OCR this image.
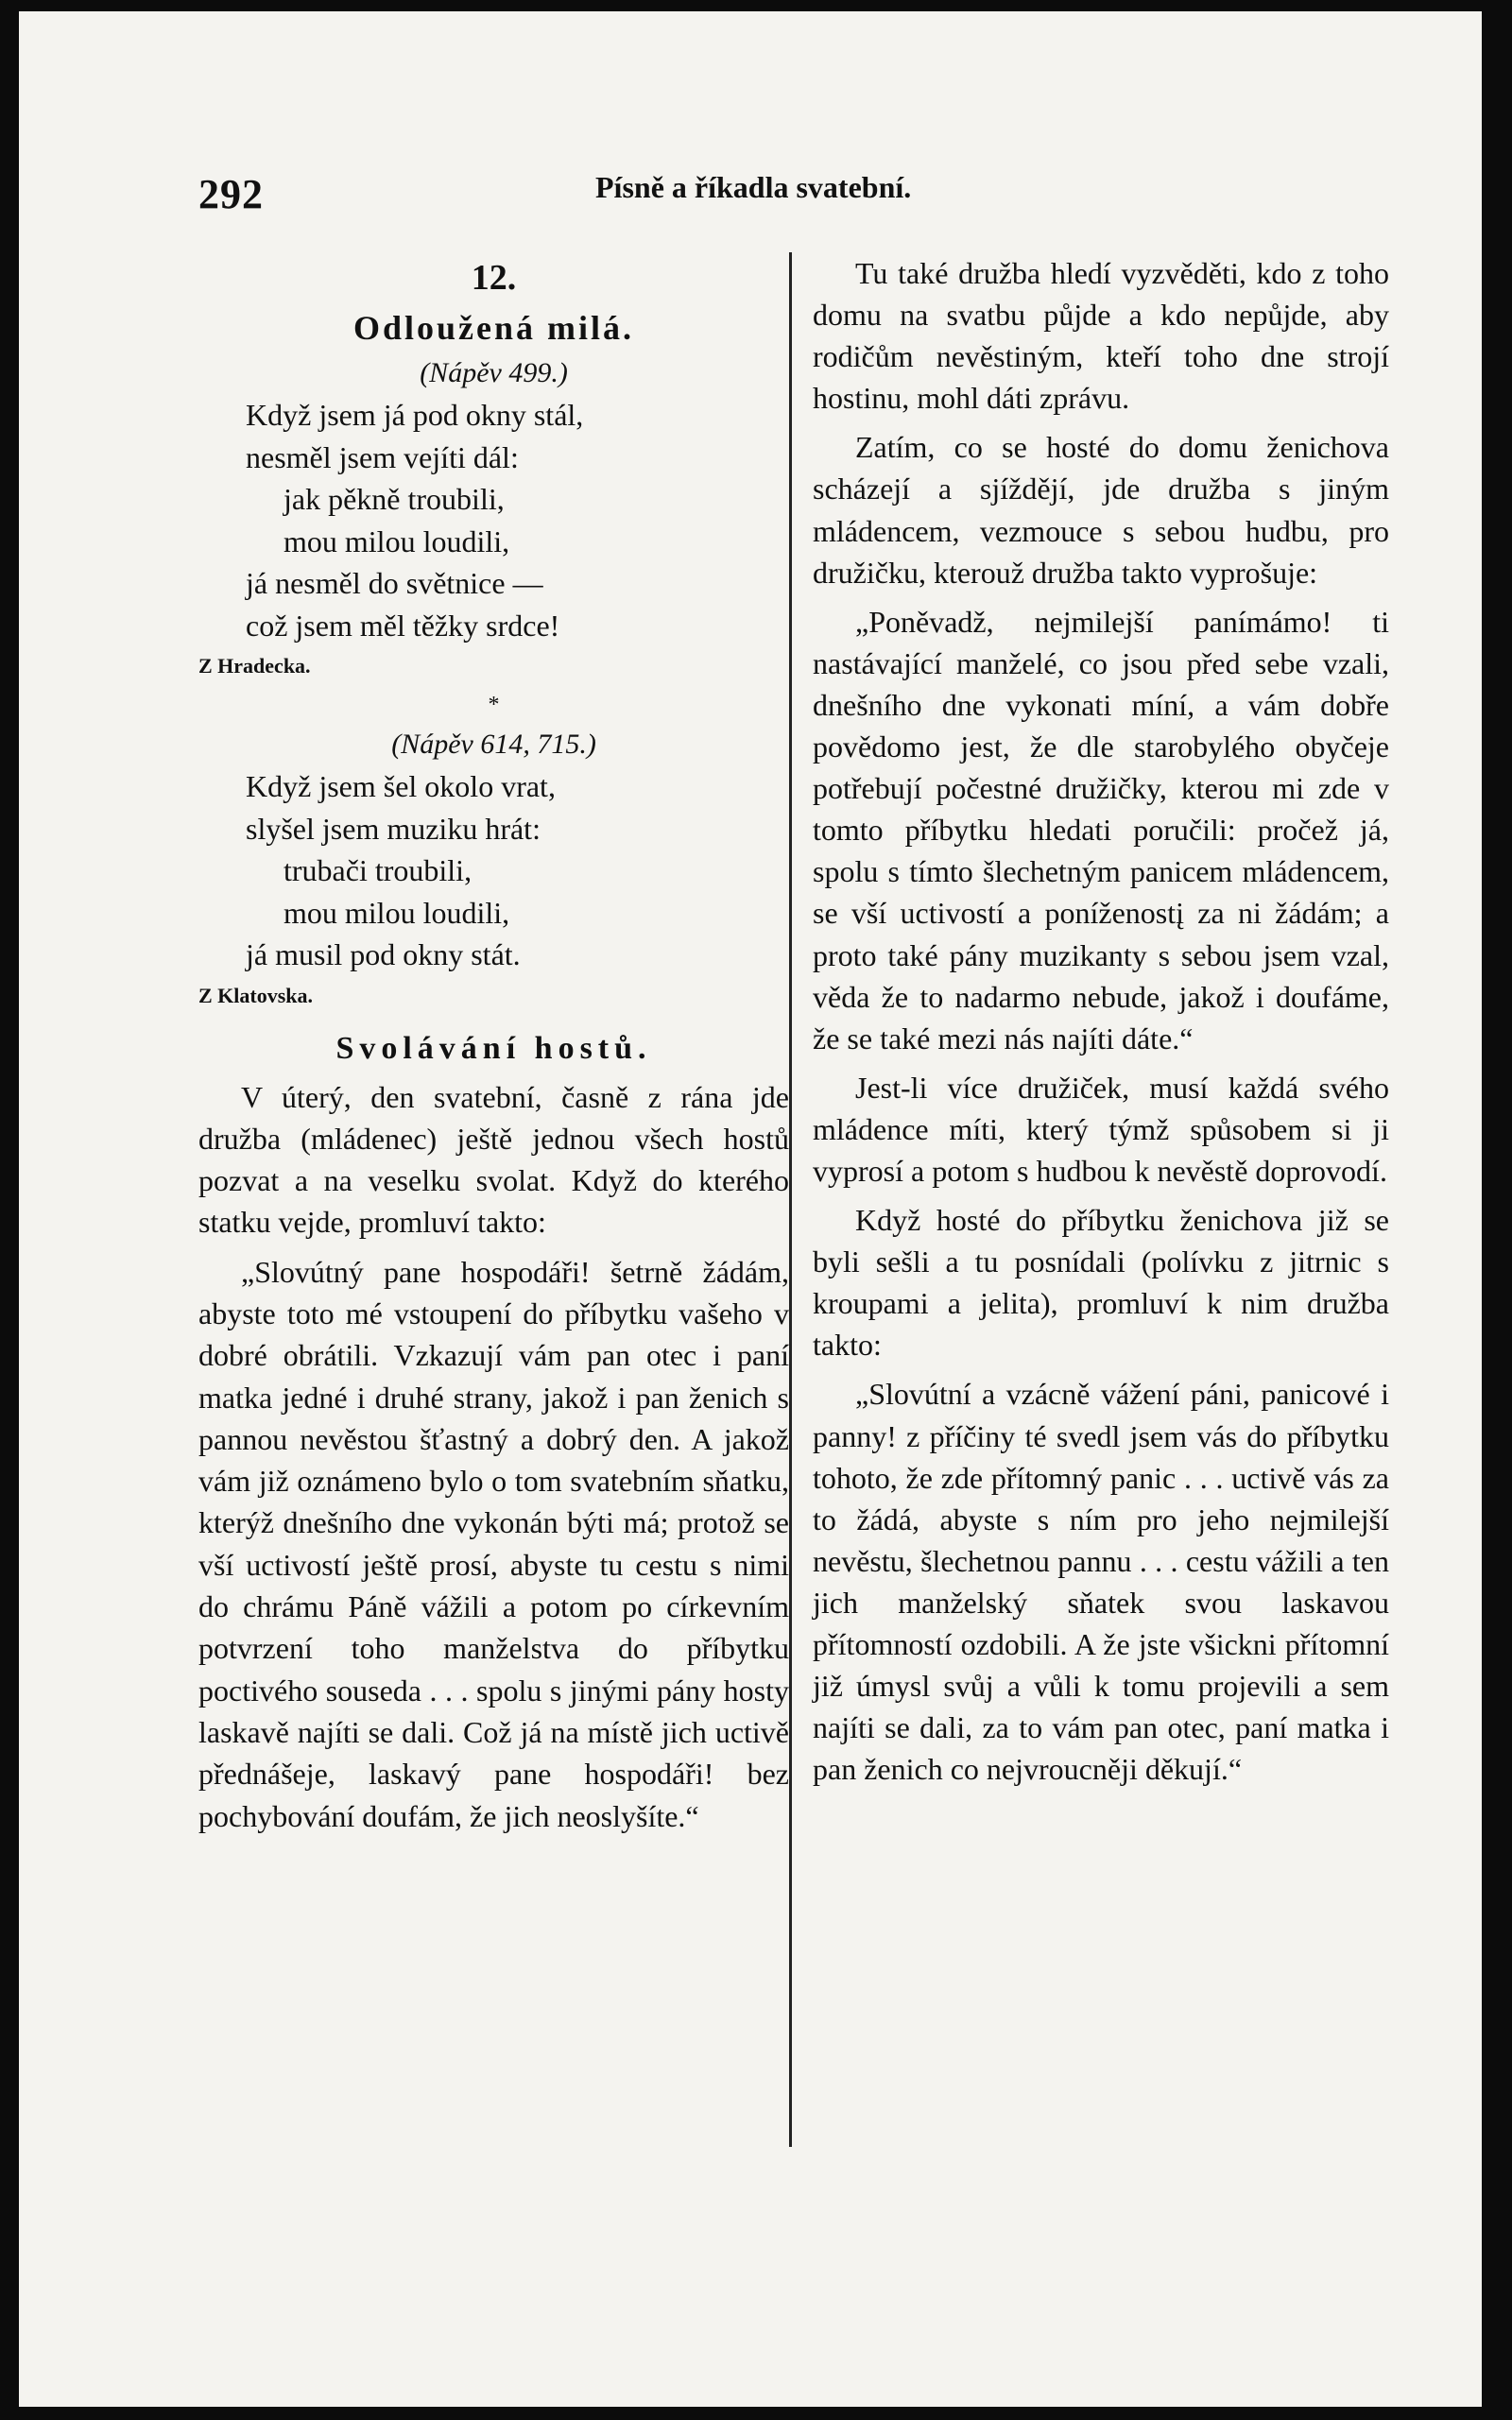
292	Písně a říkadla svatební.

12.

Odloužená milá.

(Nápěv 499.)

Když jsem já pod okny stál,

nesměl jsem vejíti dál:

jak pěkně troubili,

mou milou loudili,

já nesměl do světnice —

což jsem měl těžky srdce!

Z Hradecka.

*

(Nápěv 614, 715.)

Když jsem šel okolo vrat,

slyšel jsem muziku hrát:

trubači troubili,

mou milou loudili,

já musil pod okny stát.

Z Klatovska.

Svolávání hostů.

V úterý, den svatební, časně z rána jde družba (mládenec) ještě jednou všech hostů pozvat a na veselku svolat. Když do kterého statku vejde, promluví takto:

„Slovútný pane hospodáři! šetrně žádám, abyste toto mé vstoupení do příbytku vašeho v dobré obrátili. Vzkazují vám pan otec i paní matka jedné i druhé strany, jakož i pan ženich s pannou nevěstou šťastný a dobrý den. A jakož vám již oznámeno bylo o tom svatebním sňatku, kterýž dnešního dne vykonán býti má; protož se vší uctivostí ještě prosí, abyste tu cestu s nimi do chrámu Páně vážili a potom po církevním potvrzení toho manželstva do příbytku poctivého souseda . . . spolu s jinými pány hosty laskavě najíti se dali. Což já na místě jich uctivě přednášeje, laskavý pane hospodáři! bez pochybování doufám, že jich neoslyšíte.“

Tu také družba hledí vyzvěděti, kdo z toho domu na svatbu půjde a kdo nepůjde, aby rodičům nevěstiným, kteří toho dne strojí hostinu, mohl dáti zprávu.

Zatím, co se hosté do domu ženichova scházejí a sjíždějí, jde družba s jiným mládencem, vezmouce s sebou hudbu, pro družičku, kterouž družba takto vyprošuje:

„Poněvadž, nejmilejší panímámo! ti nastávající manželé, co jsou před sebe vzali, dnešního dne vykonati míní, a vám dobře povědomo jest, že dle starobylého obyčeje potřebují počestné družičky, kterou mi zde v tomto příbytku hledati poručili: pročež já, spolu s tímto šlechetným panicem mládencem, se vší uctivostí a poníženostį za ni žádám; a proto také pány muzikanty s sebou jsem vzal, věda že to nadarmo nebude, jakož i doufáme, že se také mezi nás najíti dáte.“

Jest-li více družiček, musí každá svého mládence míti, který týmž spůsobem si ji vyprosí a potom s hudbou k nevěstě doprovodí.

Když hosté do příbytku ženichova již se byli sešli a tu posnídali (polívku z jitrnic s kroupami a jelita), promluví k nim družba takto:

„Slovútní a vzácně vážení páni, panicové i panny! z příčiny té svedl jsem vás do příbytku tohoto, že zde přítomný panic . . . uctivě vás za to žádá, abyste s ním pro jeho nejmilejší nevěstu, šlechetnou pannu . . . cestu vážili a ten jich manželský sňatek svou laskavou přítomností ozdobili. A že jste všickni přítomní již úmysl svůj a vůli k tomu projevili a sem najíti se dali, za to vám pan otec, paní matka i pan ženich co nejvroucněji děkují.“
